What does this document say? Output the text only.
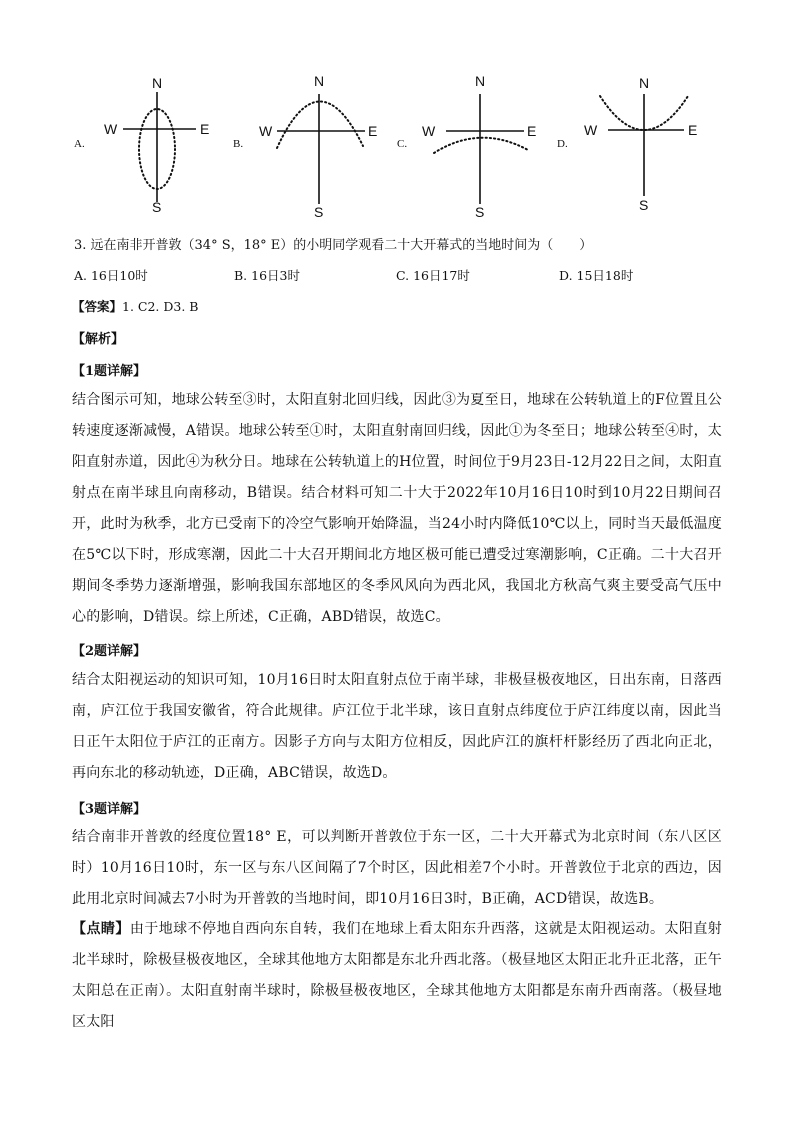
A.
N
S
W	E
B.
N
S
W	E
C.
N
S
W	E
D.
N
S
W	E
3. 远在南非开普敦（34° S，18° E）的小明同学观看二十大开幕式的当地时间为（　　）
A. 16日10时	B. 16日3时	C. 16日17时	D. 15日18时
【答案】1. C2. D3. B
【解析】
【1题详解】
结合图示可知，地球公转至③时，太阳直射北回归线，因此③为夏至日，地球在公转轨道上的F位置且公转速度逐渐减慢，A错误。地球公转至①时，太阳直射南回归线，因此①为冬至日；地球公转至④时，太阳直射赤道，因此④为秋分日。地球在公转轨道上的H位置，时间位于9月23日-12月22日之间，太阳直射点在南半球且向南移动，B错误。结合材料可知二十大于2022年10月16日10时到10月22日期间召开，此时为秋季，北方已受南下的冷空气影响开始降温，当24小时内降低10℃以上，同时当天最低温度在5℃以下时，形成寒潮，因此二十大召开期间北方地区极可能已遭受过寒潮影响，C正确。二十大召开期间冬季势力逐渐增强，影响我国东部地区的冬季风风向为西北风，我国北方秋高气爽主要受高气压中心的影响，D错误。综上所述，C正确，ABD错误，故选C。
【2题详解】
结合太阳视运动的知识可知，10月16日时太阳直射点位于南半球，非极昼极夜地区，日出东南，日落西南，庐江位于我国安徽省，符合此规律。庐江位于北半球，该日直射点纬度位于庐江纬度以南，因此当日正午太阳位于庐江的正南方。因影子方向与太阳方位相反，因此庐江的旗杆杆影经历了西北向正北，再向东北的移动轨迹，D正确，ABC错误，故选D。
【3题详解】
结合南非开普敦的经度位置18° E，可以判断开普敦位于东一区，二十大开幕式为北京时间（东八区区时）10月16日10时，东一区与东八区间隔了7个时区，因此相差7个小时。开普敦位于北京的西边，因此用北京时间减去7小时为开普敦的当地时间，即10月16日3时，B正确，ACD错误，故选B。
【点睛】由于地球不停地自西向东自转，我们在地球上看太阳东升西落，这就是太阳视运动。太阳直射北半球时，除极昼极夜地区，全球其他地方太阳都是东北升西北落。（极昼地区太阳正北升正北落，正午太阳总在正南）。太阳直射南半球时，除极昼极夜地区，全球其他地方太阳都是东南升西南落。（极昼地区太阳
